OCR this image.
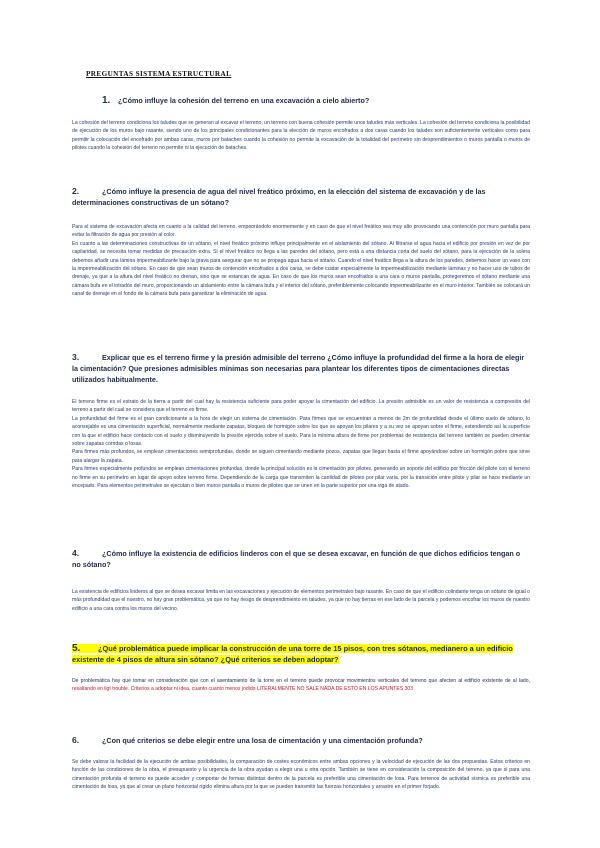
PREGUNTAS SISTEMA ESTRUCTURAL
1. ¿Cómo influye la cohesión del terreno en una excavación a cielo abierto?

La cohesión del terreno condiciona los taludes que se generan al excavar el terreno, un terreno con buena cohesión permite unos taludes más verticales. La cohesión del terreno condiciona la posibilidad de ejecución de los muros bajo rasante, siendo uno de los principales condicionantes para la elección de muros encofrados a dos caras cuando los taludes son suficientemente verticales como para permitir la colocación del encofrado por ambas caras, muros por bataches cuando la cohesión no permite la excavación de la totalidad del perímetro sin desprendimientos o muros pantalla o muros de pilotes cuando la cohesión del terreno no permite ni la ejecución de bataches.

2.	¿Cómo influye la presencia de agua del nivel freático próximo, en la elección del sistema de excavación y de las determinaciones constructivas de un sótano?

Para el sistema de excavación afecta en cuanto a la calidad del terreno, empeorándolo enormemente y en caso de que el nivel freático sea muy alto provocando una contención por muro pantalla para evitar la filtración de agua por presión al color.

En cuanto a las determinaciones constructivas de un sótano, el nivel freático próximo influye principalmente en el aislamiento del sótano. Al filtrarse el agua hacia el edificio por presión en vez de por capilaridad, se necesita tomar medidas de precaución extra. Si el nivel freático no llega a las paredes del sótano, pero está a una distancia corta del suelo del sótano, para la ejecución de la solera debemos añadir una lámina impermeabilizante bajo la grava para asegurar que no se propaga agua hacia el sótano. Cuando el nivel freático llega a la altura de los paredes, debemos hacer un vaso con la impermeabilización del sótano. En caso de que sean muros de contención encofrados a dos caras, se debe cuidar especialmente la impermeabilización mediante láminas y no hacer uso de tubos de drenaje, ya que a la altura del nivel freático no drenan, sino que se estancan de agua. En caso de que los muros sean encofrados a una cara o muros pantalla, protegeremos el sótano mediante una cámara bufa en el intradós del muro, proporcionando un aislamiento entre la cámara bufa y el interior del sótano, preferiblemente colocando impermeabilizante en el muro interior. También se colocará un canal de drenaje en el fondo de la cámara bufa para garantizar la eliminación de agua.

3.	Explicar que es el terreno firme y la presión admisible del terreno ¿Cómo influye la profundidad del firme a la hora de elegir la cimentación? Que presiones admisibles mínimas son necesarias para plantear los diferentes tipos de cimentaciones directas utilizados habitualmente.

El terreno firme es el estrato de la tierra a partir del cual hay la resistencia suficiente para poder apoyar la cimentación del edificio. La presión admisible es un valor de resistencia a compresión del terreno a partir del cual se considera que el terreno es firme.

La profundidad del firme es el gran condicionante a la hora de elegir un sistema de cimentación. Para firmes que se encuentran a menos de 2m de profundidad desde el último suelo de sótano, lo aconsejable es una cimentación superficial, normalmente mediante zapatas, bloques de hormigón sobre los que se apoyan los pilares y a su vez se apoyan sobre el firme, extendiendo así la superficie con la que el edificio hace contacto con el suelo y disminuyendo la presión ejercida sobre el suelo. Para la mínima altura de firme por problemas de resistencia del terreno también se pueden cimentar sobre zapatas corridas o losas.

Para firmes más profundos, se emplean cimentaciones semiprofundas, donde se siguen cimentando mediante pozos, zapatas que llegan hasta el firme apoyándose sobre un hormigón pobre que sirve para alargar la zapata.

Para firmes especialmente profundos se emplean cimentaciones profundas, donde la principal solución es la cimentación por pilotes, generando un soporte del edificio por fricción del pilote con el terreno no firme en su perímetro en lugar de apoyo sobre terreno firme. Dependiendo de la carga que transmiten la cantidad de pilotes por pilar varía, por la transición entre pilote y pilar se hace mediante un encepado. Para elementos perimetrales se ejecutan o bien muros pantalla o muros de pilotes que se unen en la parte superior por una viga de atado.

4.	¿Cómo influye la existencia de edificios linderos con el que se desea excavar, en función de que dichos edificios tengan o no sótano?

La existencia de edificios linderos al que se desea excavar limita en las excavaciones y ejecución de elementos perimetrales bajo rasante. En caso de que el edificio colindante tenga un sótano de igual o más profundidad que el nuestro, no hay gran problemática, ya que no hay riesgo de desprendimiento en taludes, ya que no hay tierras en ese lado de la parcela y podemos encofrar los muros de nuestro edificio a una cara contra los muros del vecino.

5. ¿Qué problemática puede implicar la construcción de una torre de 15 pisos, con tres sótanos, medianero a un edificio existente de 4 pisos de altura sin sótano? ¿Qué criterios se deben adoptar?

De problemática hay que tomar en consideración que con el asentamiento de la torre en el terreno puede provocar movimientos verticales del terreno que afecten al edificio existente de al lado, resaltando en ligt trouble. Criterios a adoptar ni idea, cuanto cuanto menos jodido LITERALMENTE NO SALE NADA DE ESTO EN LOS APUNTES 303

6.	¿Con qué criterios se debe elegir entre una losa de cimentación y una cimentación profunda?

Se debe valorar la facilidad de la ejecución de ambas posibilidades, la comparación de costes económicos entre ambas opciones y la velocidad de ejecución de las dos propuestas. Estos criterios en función de las condiciones de la obra, el presupuesto y la urgencia de la obra ayudan a elegir una u otra opción. También se tiene en consideración la composición del terreno, ya que si para una cimentación profunda el terreno es puede acceder y comportar de formas distintas dentro de la parcela es preferible una cimentación de losa. Para terrenos de actividad sísmica es preferible una cimentación de losa, ya que al crear un plano horizontal rígido elimina altura por la que se pueden transmitir las fuerzas horizontales y arrastre en el primer forjado.
